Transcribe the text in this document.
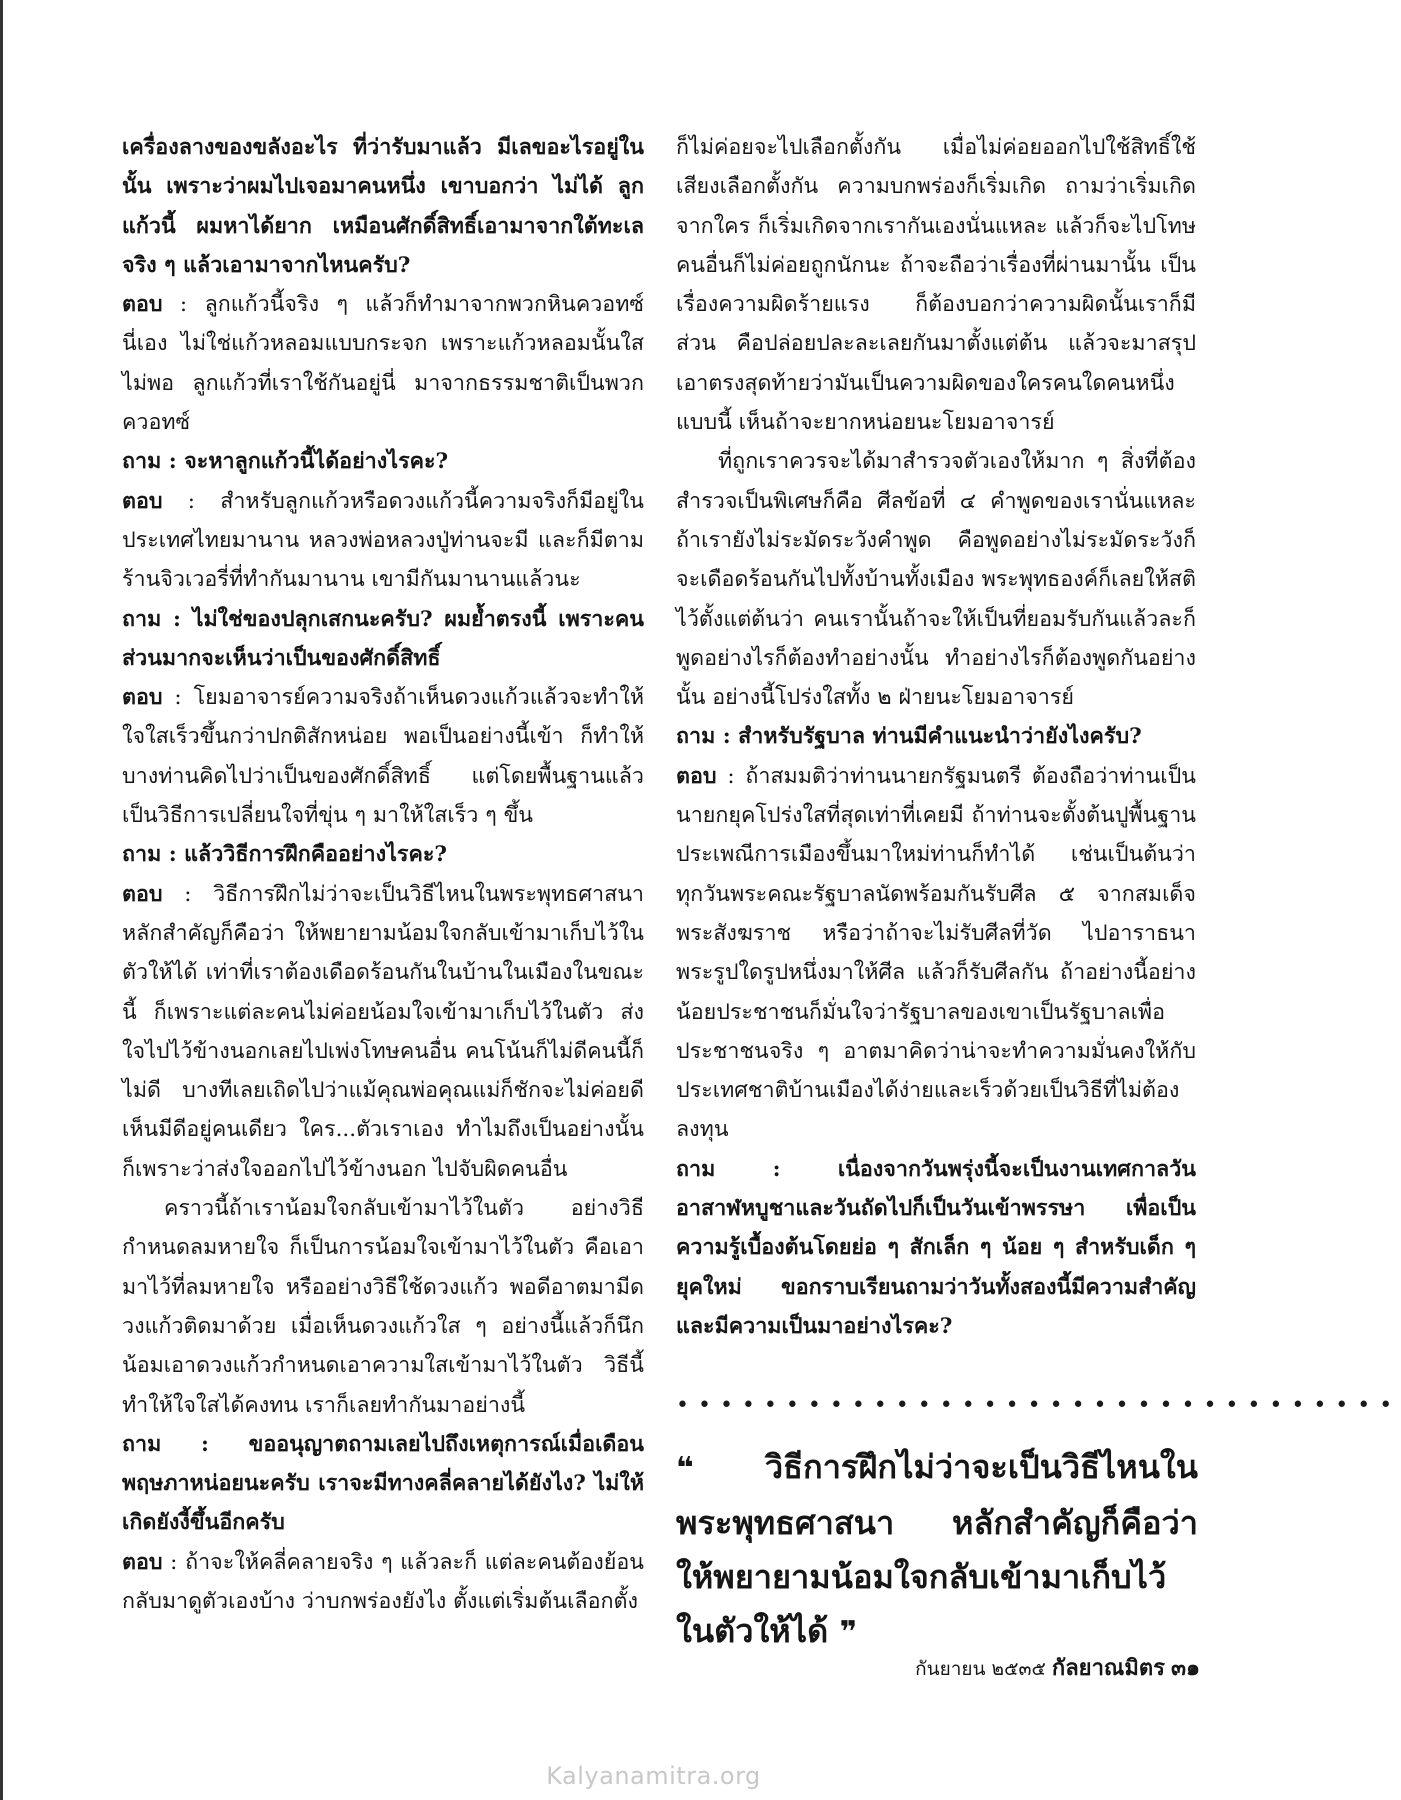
เครื่องลางของขลังอะไร ที่ว่ารับมาแล้ว มีเลขอะไรอยู่ในนั้น เพราะว่าผมไปเจอมาคนหนึ่ง เขาบอกว่า ไม่ได้ ลูกแก้วนี้ ผมหาได้ยาก เหมือนศักดิ์สิทธิ์เอามาจากใต้ทะเล จริง ๆ แล้วเอามาจากไหนครับ?

ตอบ : ลูกแก้วนี้จริง ๆ แล้วก็ทำมาจากพวกหินควอทซ์นี่เอง ไม่ใช่แก้วหลอมแบบกระจก เพราะแก้วหลอมนั้นใสไม่พอ ลูกแก้วที่เราใช้กันอยู่นี่ มาจากธรรมชาติเป็นพวกควอทซ์

ถาม : จะหาลูกแก้วนี้ได้อย่างไรคะ?

ตอบ : สำหรับลูกแก้วหรือดวงแก้วนี้ความจริงก็มีอยู่ในประเทศไทยมานาน หลวงพ่อหลวงปู่ท่านจะมี และก็มีตามร้านจิวเวอรี่ที่ทำกันมานาน เขามีกันมานานแล้วนะ

ถาม : ไม่ใช่ของปลุกเสกนะครับ? ผมย้ำตรงนี้ เพราะคนส่วนมากจะเห็นว่าเป็นของศักดิ์สิทธิ์

ตอบ : โยมอาจารย์ความจริงถ้าเห็นดวงแก้วแล้วจะทำให้ใจใสเร็วขึ้นกว่าปกติสักหน่อย พอเป็นอย่างนี้เข้า ก็ทำให้บางท่านคิดไปว่าเป็นของศักดิ์สิทธิ์ แต่โดยพื้นฐานแล้วเป็นวิธีการเปลี่ยนใจที่ขุ่น ๆ มาให้ใสเร็ว ๆ ขึ้น

ถาม : แล้ววิธีการฝึกคืออย่างไรคะ?

ตอบ : วิธีการฝึกไม่ว่าจะเป็นวิธีไหนในพระพุทธศาสนา หลักสำคัญก็คือว่า ให้พยายามน้อมใจกลับเข้ามาเก็บไว้ในตัวให้ได้ เท่าที่เราต้องเดือดร้อนกันในบ้านในเมืองในขณะนี้ ก็เพราะแต่ละคนไม่ค่อยน้อมใจเข้ามาเก็บไว้ในตัว ส่งใจไปไว้ข้างนอกเลยไปเพ่งโทษคนอื่น คนโน้นก็ไม่ดีคนนี้ก็ไม่ดี บางทีเลยเถิดไปว่าแม้คุณพ่อคุณแม่ก็ชักจะไม่ค่อยดี เห็นมีดีอยู่คนเดียว ใคร...ตัวเราเอง ทำไมถึงเป็นอย่างนั้น ก็เพราะว่าส่งใจออกไปไว้ข้างนอก ไปจับผิดคนอื่น

คราวนี้ถ้าเราน้อมใจกลับเข้ามาไว้ในตัว อย่างวิธีกำหนดลมหายใจ ก็เป็นการน้อมใจเข้ามาไว้ในตัว คือเอามาไว้ที่ลมหายใจ หรืออย่างวิธีใช้ดวงแก้ว พอดีอาตมามีดวงแก้วติดมาด้วย เมื่อเห็นดวงแก้วใส ๆ อย่างนี้แล้วก็นึกน้อมเอาดวงแก้วกำหนดเอาความใสเข้ามาไว้ในตัว วิธีนี้ทำให้ใจใสได้คงทน เราก็เลยทำกันมาอย่างนี้

ถาม : ขออนุญาตถามเลยไปถึงเหตุการณ์เมื่อเดือนพฤษภาหน่อยนะครับ เราจะมีทางคลี่คลายได้ยังไง? ไม่ให้เกิดยังงี้ขึ้นอีกครับ

ตอบ : ถ้าจะให้คลี่คลายจริง ๆ แล้วละก็ แต่ละคนต้องย้อนกลับมาดูตัวเองบ้าง ว่าบกพร่องยังไง ตั้งแต่เริ่มต้นเลือกตั้ง

ก็ไม่ค่อยจะไปเลือกตั้งกัน เมื่อไม่ค่อยออกไปใช้สิทธิ์ใช้เสียงเลือกตั้งกัน ความบกพร่องก็เริ่มเกิด ถามว่าเริ่มเกิดจากใคร ก็เริ่มเกิดจากเรากันเองนั่นแหละ แล้วก็จะไปโทษคนอื่นก็ไม่ค่อยถูกนักนะ ถ้าจะถือว่าเรื่องที่ผ่านมานั้น เป็นเรื่องความผิดร้ายแรง ก็ต้องบอกว่าความผิดนั้นเราก็มีส่วน คือปล่อยปละละเลยกันมาตั้งแต่ต้น แล้วจะมาสรุปเอาตรงสุดท้ายว่ามันเป็นความผิดของใครคนใดคนหนึ่งแบบนี้ เห็นถ้าจะยากหน่อยนะโยมอาจารย์

ที่ถูกเราควรจะได้มาสำรวจตัวเองให้มาก ๆ สิ่งที่ต้องสำรวจเป็นพิเศษก็คือ ศีลข้อที่ ๔ คำพูดของเรานั่นแหละ ถ้าเรายังไม่ระมัดระวังคำพูด คือพูดอย่างไม่ระมัดระวังก็จะเดือดร้อนกันไปทั้งบ้านทั้งเมือง พระพุทธองค์ก็เลยให้สติไว้ตั้งแต่ต้นว่า คนเรานั้นถ้าจะให้เป็นที่ยอมรับกันแล้วละก็ พูดอย่างไรก็ต้องทำอย่างนั้น ทำอย่างไรก็ต้องพูดกันอย่างนั้น อย่างนี้โปร่งใสทั้ง ๒ ฝ่ายนะโยมอาจารย์

ถาม : สำหรับรัฐบาล ท่านมีคำแนะนำว่ายังไงครับ?

ตอบ : ถ้าสมมติว่าท่านนายกรัฐมนตรี ต้องถือว่าท่านเป็นนายกยุคโปร่งใสที่สุดเท่าที่เคยมี ถ้าท่านจะตั้งต้นปูพื้นฐานประเพณีการเมืองขึ้นมาใหม่ท่านก็ทำได้ เช่นเป็นต้นว่า ทุกวันพระคณะรัฐบาลนัดพร้อมกันรับศีล ๕ จากสมเด็จพระสังฆราช หรือว่าถ้าจะไม่รับศีลที่วัด ไปอาราธนาพระรูปใดรูปหนึ่งมาให้ศีล แล้วก็รับศีลกัน ถ้าอย่างนี้อย่างน้อยประชาชนก็มั่นใจว่ารัฐบาลของเขาเป็นรัฐบาลเพื่อประชาชนจริง ๆ อาตมาคิดว่าน่าจะทำความมั่นคงให้กับประเทศชาติบ้านเมืองได้ง่ายและเร็วด้วยเป็นวิธีที่ไม่ต้องลงทุน

ถาม : เนื่องจากวันพรุ่งนี้จะเป็นงานเทศกาลวันอาสาฬหบูชาและวันถัดไปก็เป็นวันเข้าพรรษา เพื่อเป็นความรู้เบื้องต้นโดยย่อ ๆ สักเล็ก ๆ น้อย ๆ สำหรับเด็ก ๆ ยุคใหม่ ขอกราบเรียนถามว่าวันทั้งสองนี้มีความสำคัญและมีความเป็นมาอย่างไรคะ?

•••••••••••••••••••••••••••••••••
❝ วิธีการฝึกไม่ว่าจะเป็นวิธีไหนในพระพุทธศาสนา หลักสำคัญก็คือว่า ให้พยายามน้อมใจกลับเข้ามาเก็บไว้ในตัวให้ได้ ❞
กันยายน ๒๕๓๕ กัลยาณมิตร ๓๑
Kalyanamitra.org
